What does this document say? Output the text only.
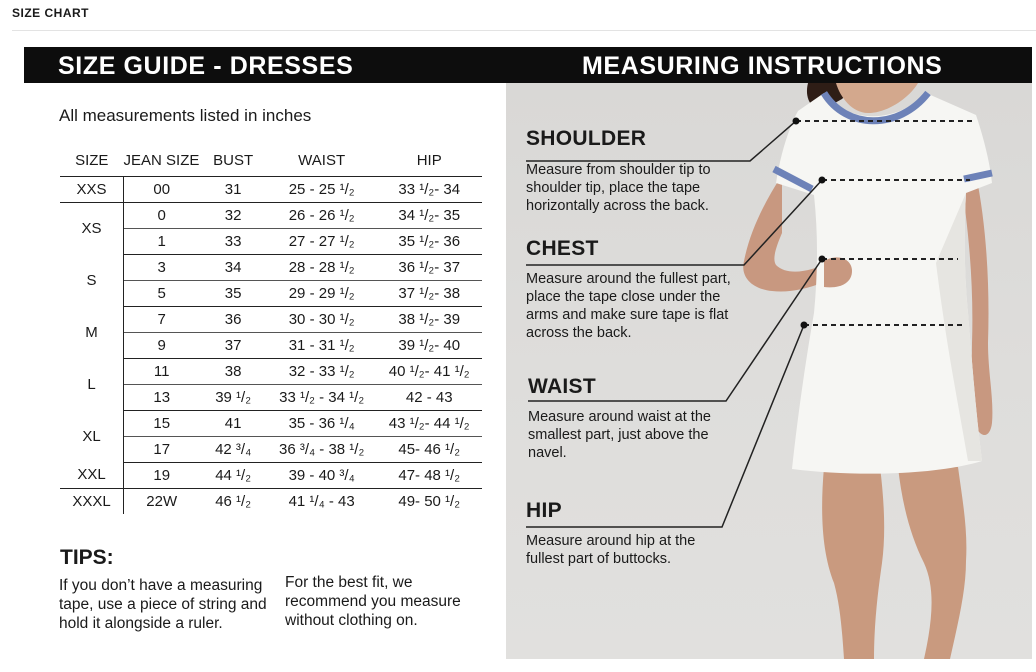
SIZE CHART
SIZE GUIDE - DRESSES	MEASURING INSTRUCTIONS
All measurements listed in inches
SIZE	JEAN SIZE	BUST	WAIST	HIP
XXS	00	31	25 - 25 ¹/₂	33 ¹/₂- 34
XS	0	32	26 - 26 ¹/₂	34 ¹/₂- 35
	1	33	27 - 27 ¹/₂	35 ¹/₂- 36
S	3	34	28 - 28 ¹/₂	36 ¹/₂- 37
	5	35	29 - 29 ¹/₂	37 ¹/₂- 38
M	7	36	30 - 30 ¹/₂	38 ¹/₂- 39
	9	37	31 - 31 ¹/₂	39 ¹/₂- 40
L	11	38	32 - 33 ¹/₂	40 ¹/₂- 41 ¹/₂
	13	39 ¹/₂	33 ¹/₂ - 34 ¹/₂	42 - 43
XL	15	41	35 - 36 ¹/₄	43 ¹/₂- 44 ¹/₂
	17	42 ³/₄	36 ³/₄ - 38 ¹/₂	45- 46 ¹/₂
XXL	19	44 ¹/₂	39 - 40 ³/₄	47- 48 ¹/₂
XXXL	22W	46 ¹/₂	41 ¹/₄ - 43	49- 50 ¹/₂
TIPS:
If you don’t have a measuring tape, use a piece of string and hold it alongside a ruler.
For the best fit, we recommend you measure without clothing on.
SHOULDER
Measure from shoulder tip to shoulder tip, place the tape horizontally across the back.
CHEST
Measure around the fullest part, place the tape close under the arms and make sure tape is flat across the back.
WAIST
Measure around waist at the smallest part, just above the navel.
HIP
Measure around hip at the fullest part of buttocks.
